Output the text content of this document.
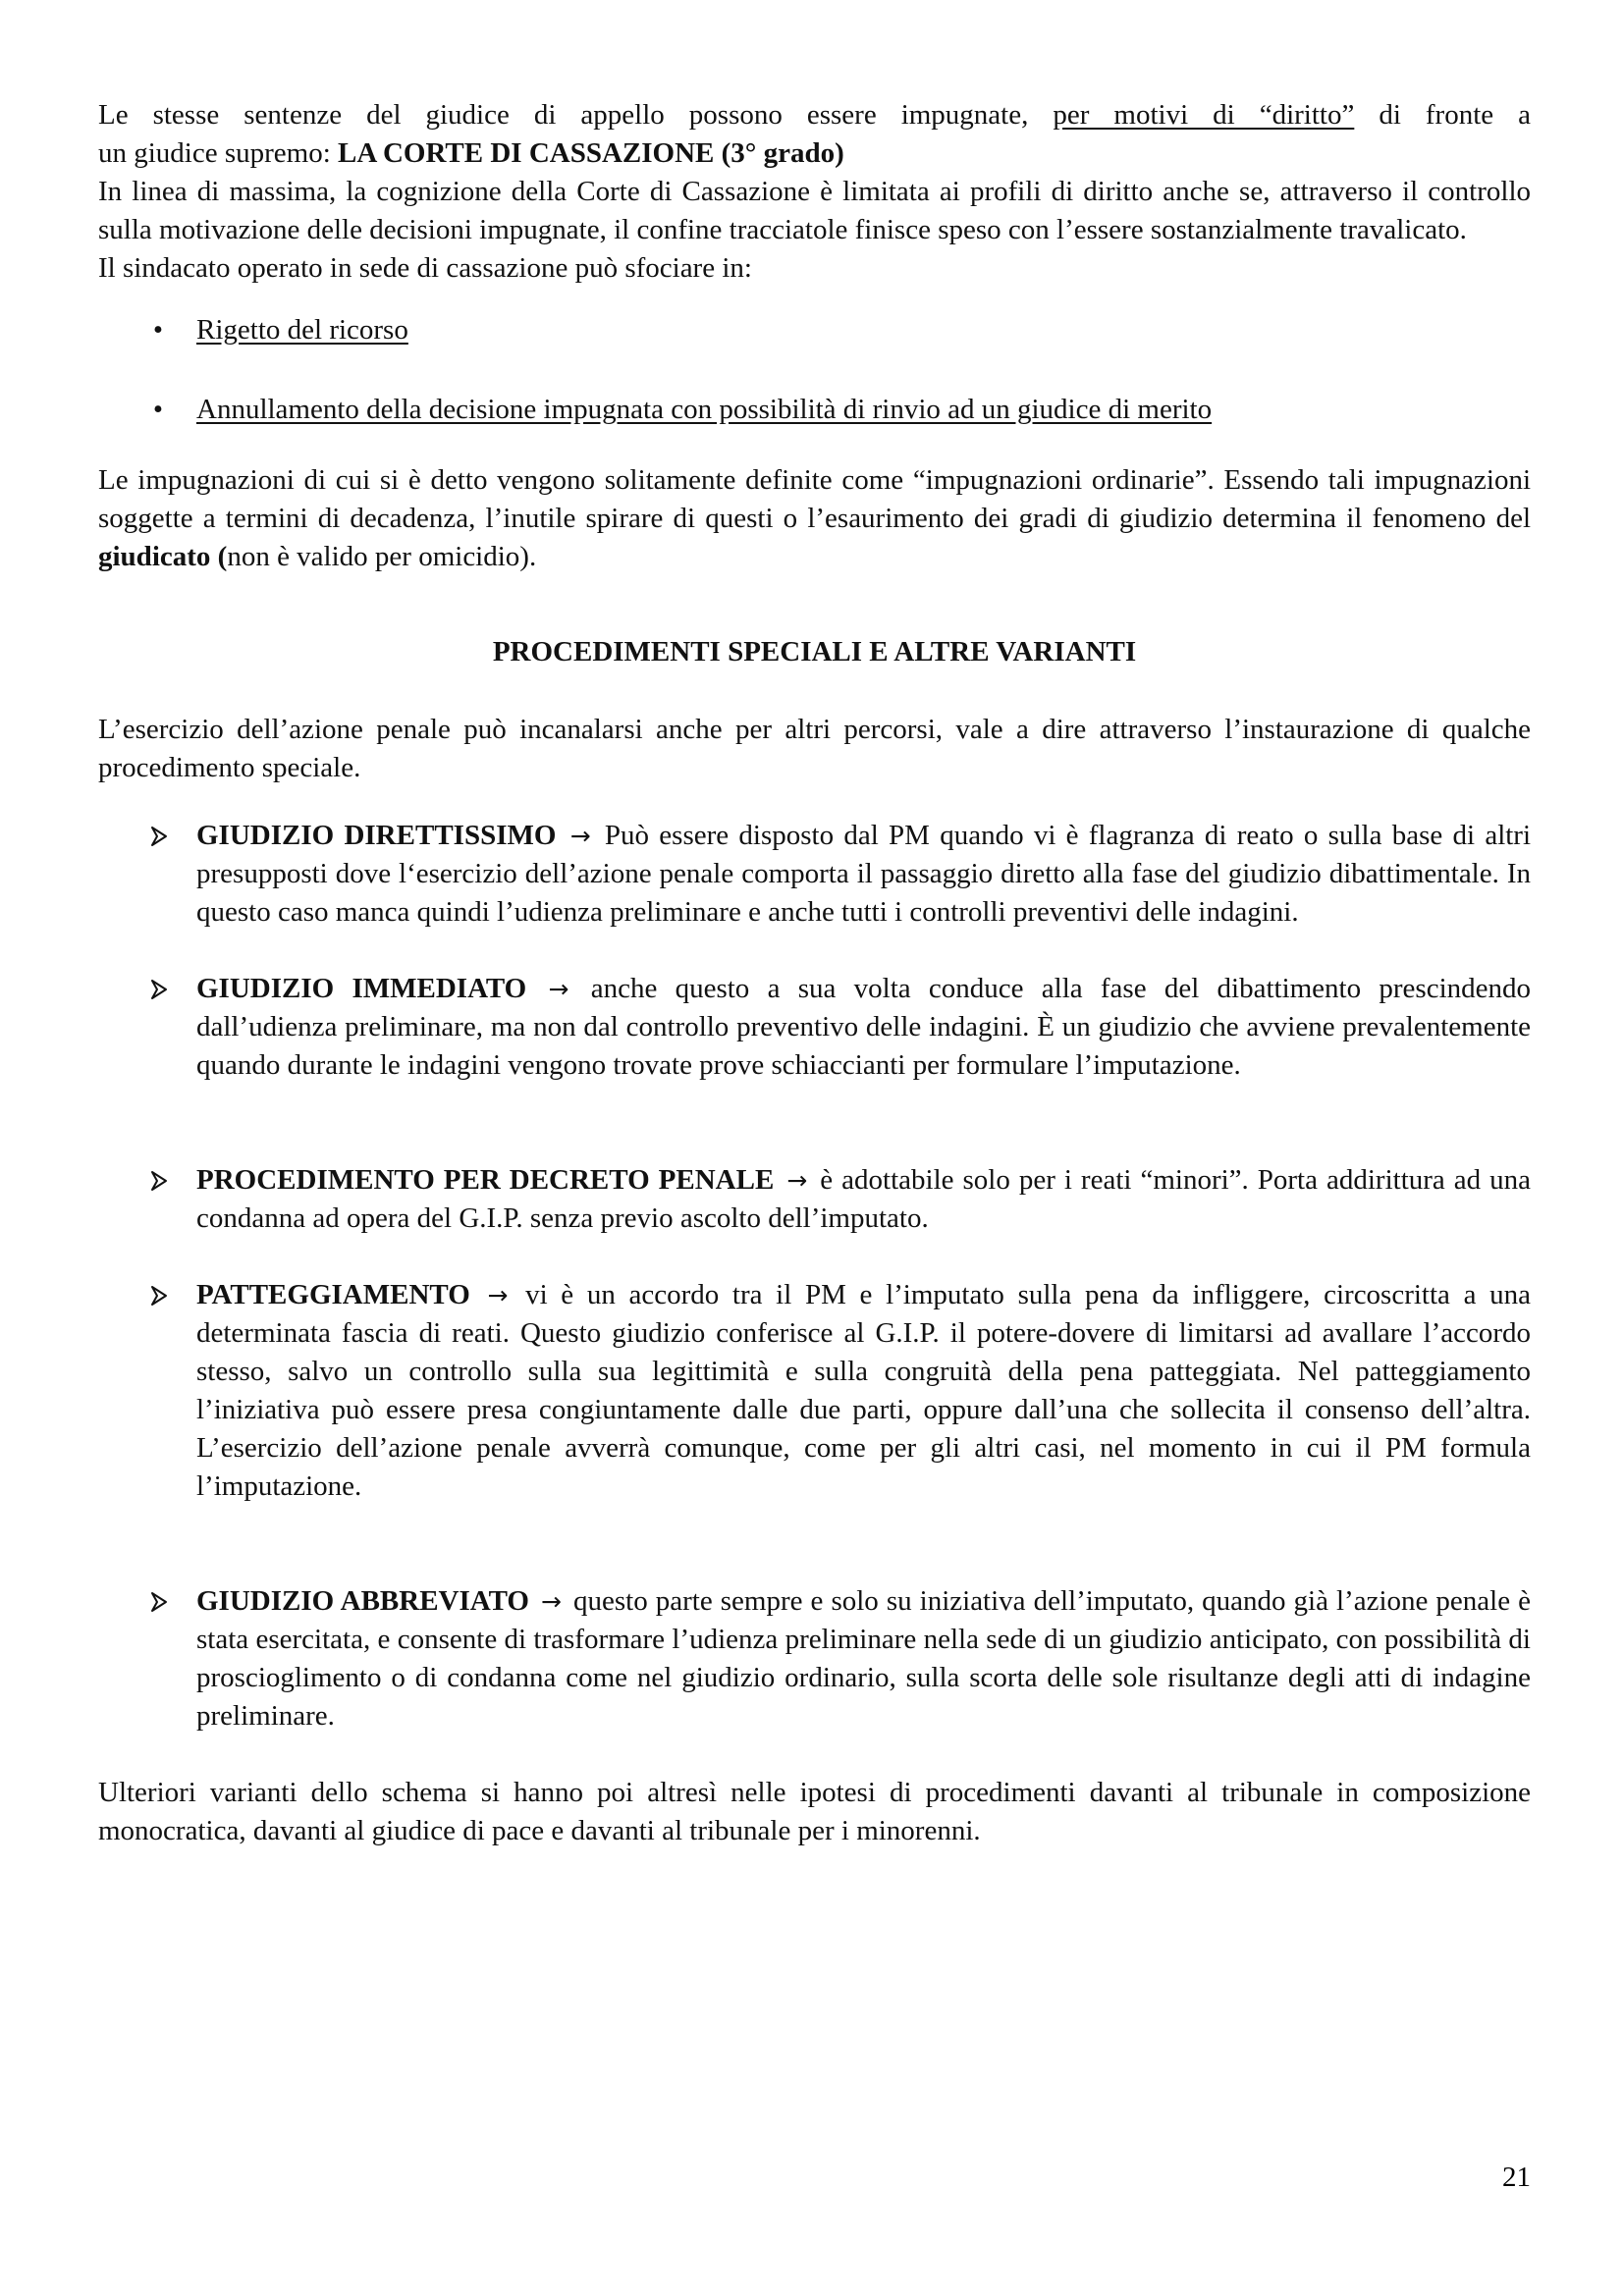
Le stesse sentenze del giudice di appello possono essere impugnate, per motivi di “diritto” di fronte a

un giudice supremo: LA CORTE DI CASSAZIONE (3° grado)

In linea di massima, la cognizione della Corte di Cassazione è limitata ai profili di diritto anche se, attraverso il controllo sulla motivazione delle decisioni impugnate, il confine tracciatole finisce speso con l’essere sostanzialmente travalicato.

Il sindacato operato in sede di cassazione può sfociare in:

• Rigetto del ricorso
• Annullamento della decisione impugnata con possibilità di rinvio ad un giudice di merito

Le impugnazioni di cui si è detto vengono solitamente definite come “impugnazioni ordinarie”. Essendo tali impugnazioni soggette a termini di decadenza, l’inutile spirare di questi o l’esaurimento dei gradi di giudizio determina il fenomeno del giudicato (non è valido per omicidio).

PROCEDIMENTI SPECIALI E ALTRE VARIANTI

L’esercizio dell’azione penale può incanalarsi anche per altri percorsi, vale a dire attraverso l’instaurazione di qualche procedimento speciale.

GIUDIZIO DIRETTISSIMO → Può essere disposto dal PM quando vi è flagranza di reato o sulla base di altri presupposti dove l‘esercizio dell’azione penale comporta il passaggio diretto alla fase del giudizio dibattimentale. In questo caso manca quindi l’udienza preliminare e anche tutti i controlli preventivi delle indagini.
GIUDIZIO IMMEDIATO → anche questo a sua volta conduce alla fase del dibattimento prescindendo dall’udienza preliminare, ma non dal controllo preventivo delle indagini. È un giudizio che avviene prevalentemente quando durante le indagini vengono trovate prove schiaccianti per formulare l’imputazione.
PROCEDIMENTO PER DECRETO PENALE → è adottabile solo per i reati “minori”. Porta addirittura ad una condanna ad opera del G.I.P. senza previo ascolto dell’imputato.
PATTEGGIAMENTO → vi è un accordo tra il PM e l’imputato sulla pena da infliggere, circoscritta a una determinata fascia di reati. Questo giudizio conferisce al G.I.P. il potere-dovere di limitarsi ad avallare l’accordo stesso, salvo un controllo sulla sua legittimità e sulla congruità della pena patteggiata. Nel patteggiamento l’iniziativa può essere presa congiuntamente dalle due parti, oppure dall’una che sollecita il consenso dell’altra. L’esercizio dell’azione penale avverrà comunque, come per gli altri casi, nel momento in cui il PM formula l’imputazione.
GIUDIZIO ABBREVIATO → questo parte sempre e solo su iniziativa dell’imputato, quando già l’azione penale è stata esercitata, e consente di trasformare l’udienza preliminare nella sede di un giudizio anticipato, con possibilità di proscioglimento o di condanna come nel giudizio ordinario, sulla scorta delle sole risultanze degli atti di indagine preliminare.

Ulteriori varianti dello schema si hanno poi altresì nelle ipotesi di procedimenti davanti al tribunale in composizione monocratica, davanti al giudice di pace e davanti al tribunale per i minorenni.

21
